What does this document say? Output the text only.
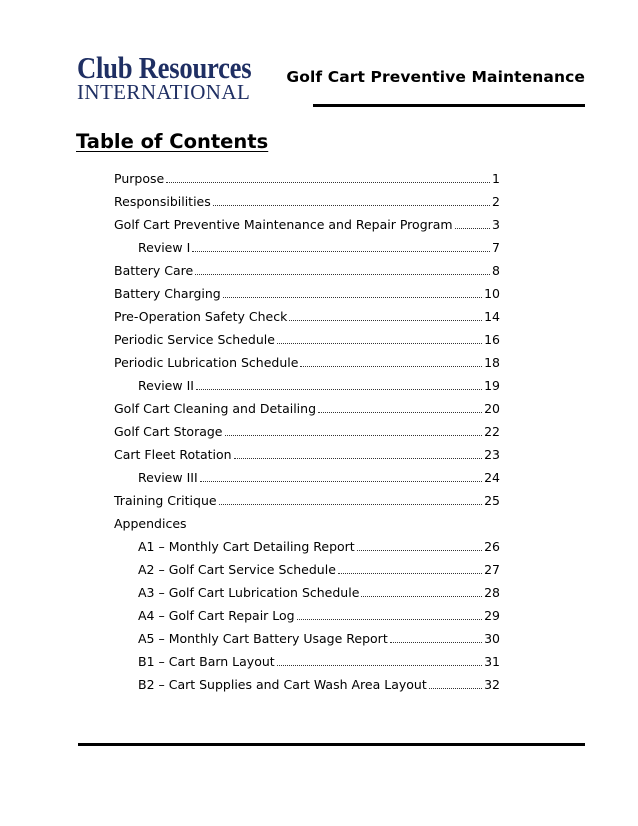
Club Resources
INTERNATIONAL
Golf Cart Preventive Maintenance
Table of Contents
Purpose	1
Responsibilities	2
Golf Cart Preventive Maintenance and Repair Program	3
Review I	7
Battery Care	8
Battery Charging	10
Pre-Operation Safety Check	14
Periodic Service Schedule	16
Periodic Lubrication Schedule	18
Review II	19
Golf Cart Cleaning and Detailing	20
Golf Cart Storage	22
Cart Fleet Rotation	23
Review III	24
Training Critique	25
Appendices
A1 – Monthly Cart Detailing Report	26
A2 – Golf Cart Service Schedule	27
A3 – Golf Cart Lubrication Schedule	28
A4 – Golf Cart Repair Log	29
A5 – Monthly Cart Battery Usage Report	30
B1 – Cart Barn Layout	31
B2 – Cart Supplies and Cart Wash Area Layout	32
